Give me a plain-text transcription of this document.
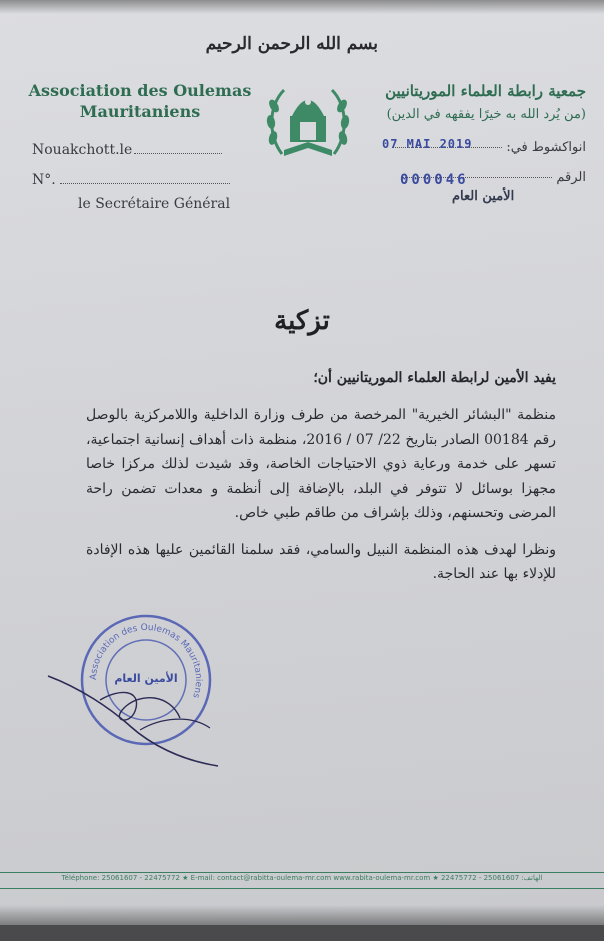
بسم الله الرحمن الرحيم
Association des Oulemas
Mauritaniens
جمعية رابطة العلماء الموريتانيين
(من يُرد الله به خيرًا يفقهه في الدين)
Nouakchott.le
N°.
le Secrétaire Général
انواكشوط في:
07 MAI 2019
الرقم
000046
الأمين العام
تزكية
يفيد الأمين لرابطة العلماء الموريتانيين أن؛

منظمة "البشائر الخيرية" المرخصة من طرف وزارة الداخلية واللامركزية بالوصل رقم 00184 الصادر بتاريخ 22/ 07 / 2016، منظمة ذات أهداف إنسانية اجتماعية، تسهر على خدمة ورعاية ذوي الاحتياجات الخاصة، وقد شيدت لذلك مركزا خاصا مجهزا بوسائل لا تتوفر في البلد، بالإضافة إلى أنظمة و معدات تضمن راحة المرضى وتحسنهم، وذلك بإشراف من طاقم طبي خاص.

ونظرا لهدف هذه المنظمة النبيل والسامي، فقد سلمنا القائمين عليها هذه الإفادة للإدلاء بها عند الحاجة.

Association des Oulemas Mauritaniens
الأمين العام
Téléphone: 25061607 - 22475772 ★ E-mail: contact@rabitta-oulema-mr.com www.rabita-oulema-mr.com ★ 22475772 - 25061607 :الهاتف
